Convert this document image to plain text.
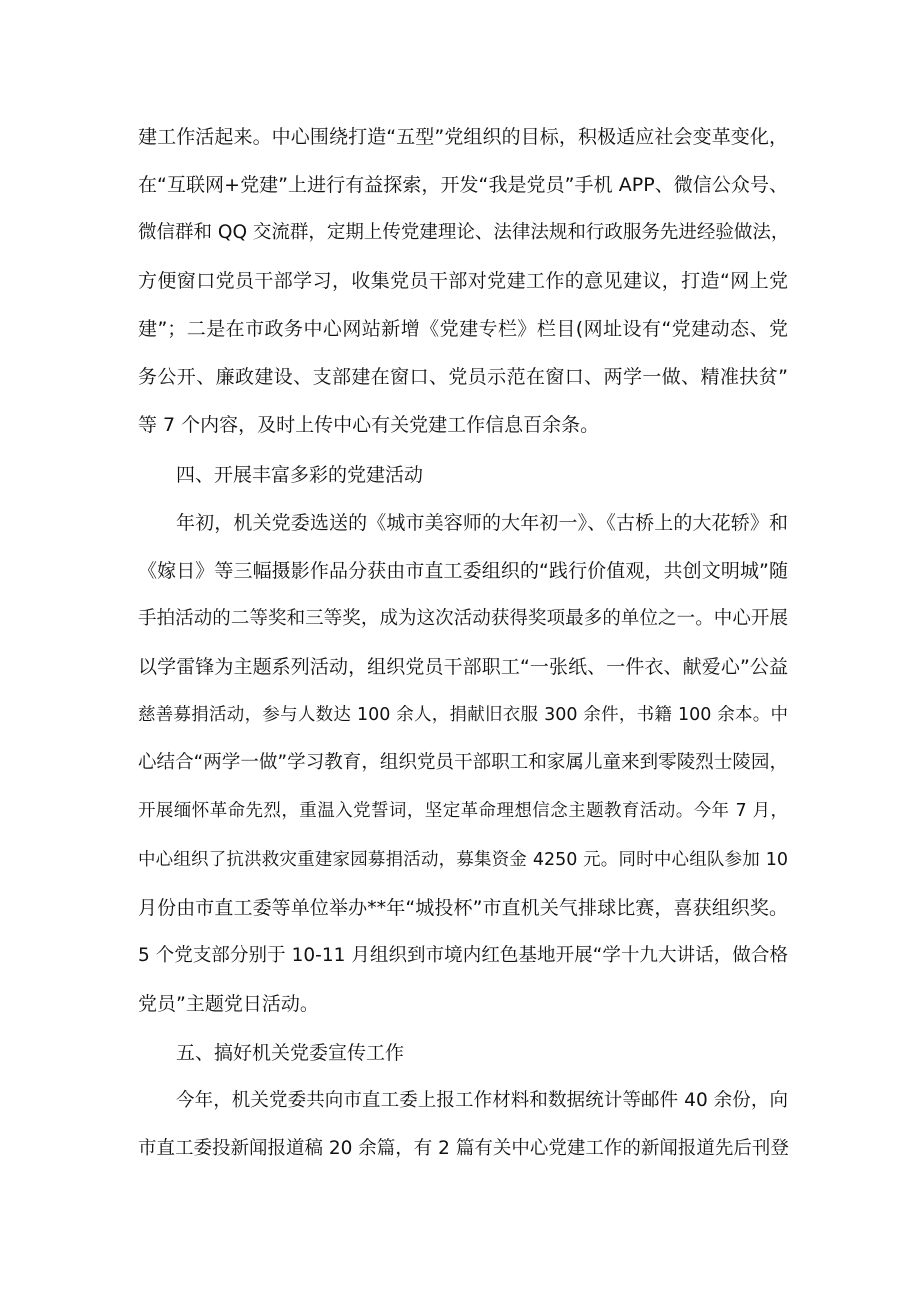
建工作活起来。中心围绕打造“五型”党组织的目标，积极适应社会变革变化，
在“互联网+党建”上进行有益探索，开发“我是党员”手机 APP、微信公众号、
微信群和 QQ 交流群，定期上传党建理论、法律法规和行政服务先进经验做法，
方便窗口党员干部学习，收集党员干部对党建工作的意见建议，打造“网上党
建”；二是在市政务中心网站新增《党建专栏》栏目(网址设有“党建动态、党
务公开、廉政建设、支部建在窗口、党员示范在窗口、两学一做、精准扶贫”
等 7 个内容，及时上传中心有关党建工作信息百余条。
四、开展丰富多彩的党建活动
年初，机关党委选送的《城市美容师的大年初一》、《古桥上的大花轿》和
《嫁日》等三幅摄影作品分获由市直工委组织的“践行价值观，共创文明城”随
手拍活动的二等奖和三等奖，成为这次活动获得奖项最多的单位之一。中心开展
以学雷锋为主题系列活动，组织党员干部职工“一张纸、一件衣、献爱心”公益
慈善募捐活动，参与人数达 100 余人，捐献旧衣服 300 余件，书籍 100 余本。中
心结合“两学一做”学习教育，组织党员干部职工和家属儿童来到零陵烈士陵园，
开展缅怀革命先烈，重温入党誓词，坚定革命理想信念主题教育活动。今年 7 月，
中心组织了抗洪救灾重建家园募捐活动，募集资金 4250 元。同时中心组队参加 10
月份由市直工委等单位举办**年“城投杯”市直机关气排球比赛，喜获组织奖。
5 个党支部分别于 10-11 月组织到市境内红色基地开展“学十九大讲话，做合格
党员”主题党日活动。
五、搞好机关党委宣传工作
今年，机关党委共向市直工委上报工作材料和数据统计等邮件 40 余份，向
市直工委投新闻报道稿 20 余篇，有 2 篇有关中心党建工作的新闻报道先后刊登
